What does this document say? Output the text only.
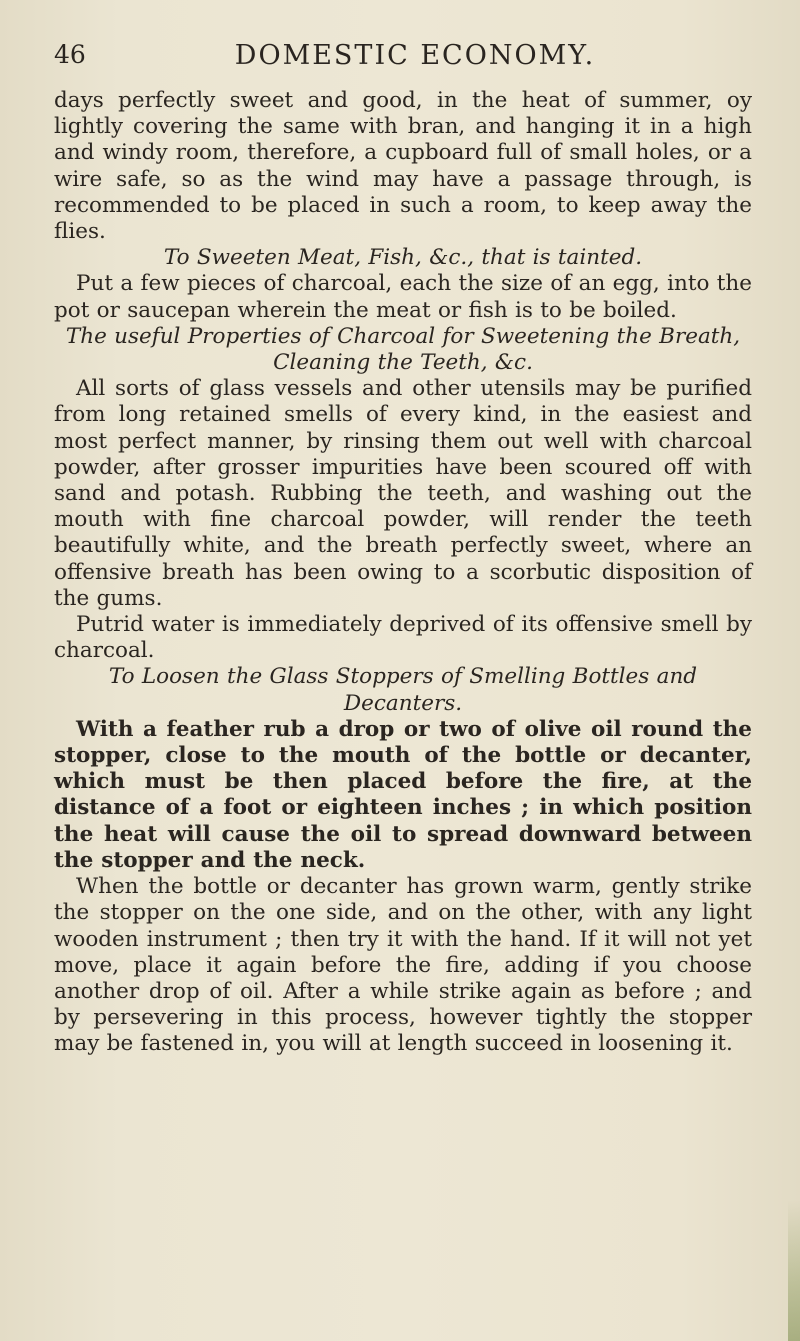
46	DOMESTIC ECONOMY.

days perfectly sweet and good, in the heat of summer, oy lightly covering the same with bran, and hanging it in a high and windy room, therefore, a cupboard full of small holes, or a wire safe, so as the wind may have a passage through, is recommended to be placed in such a room, to keep away the flies.

To Sweeten Meat, Fish, &c., that is tainted.

Put a few pieces of charcoal, each the size of an egg, into the pot or saucepan wherein the meat or fish is to be boiled.

The useful Properties of Charcoal for Sweetening the Breath, Cleaning the Teeth, &c.

All sorts of glass vessels and other utensils may be purified from long retained smells of every kind, in the easiest and most perfect manner, by rinsing them out well with charcoal powder, after grosser impurities have been scoured off with sand and potash. Rubbing the teeth, and washing out the mouth with fine charcoal powder, will render the teeth beautifully white, and the breath perfectly sweet, where an offensive breath has been owing to a scorbutic disposition of the gums.

Putrid water is immediately deprived of its offensive smell by charcoal.

To Loosen the Glass Stoppers of Smelling Bottles and Decanters.

With a feather rub a drop or two of olive oil round the stopper, close to the mouth of the bottle or decanter, which must be then placed before the fire, at the distance of a foot or eighteen inches ; in which position the heat will cause the oil to spread downward between the stopper and the neck.

When the bottle or decanter has grown warm, gently strike the stopper on the one side, and on the other, with any light wooden instrument ; then try it with the hand. If it will not yet move, place it again before the fire, adding if you choose another drop of oil. After a while strike again as before ; and by persevering in this process, however tightly the stopper may be fastened in, you will at length succeed in loosening it.
